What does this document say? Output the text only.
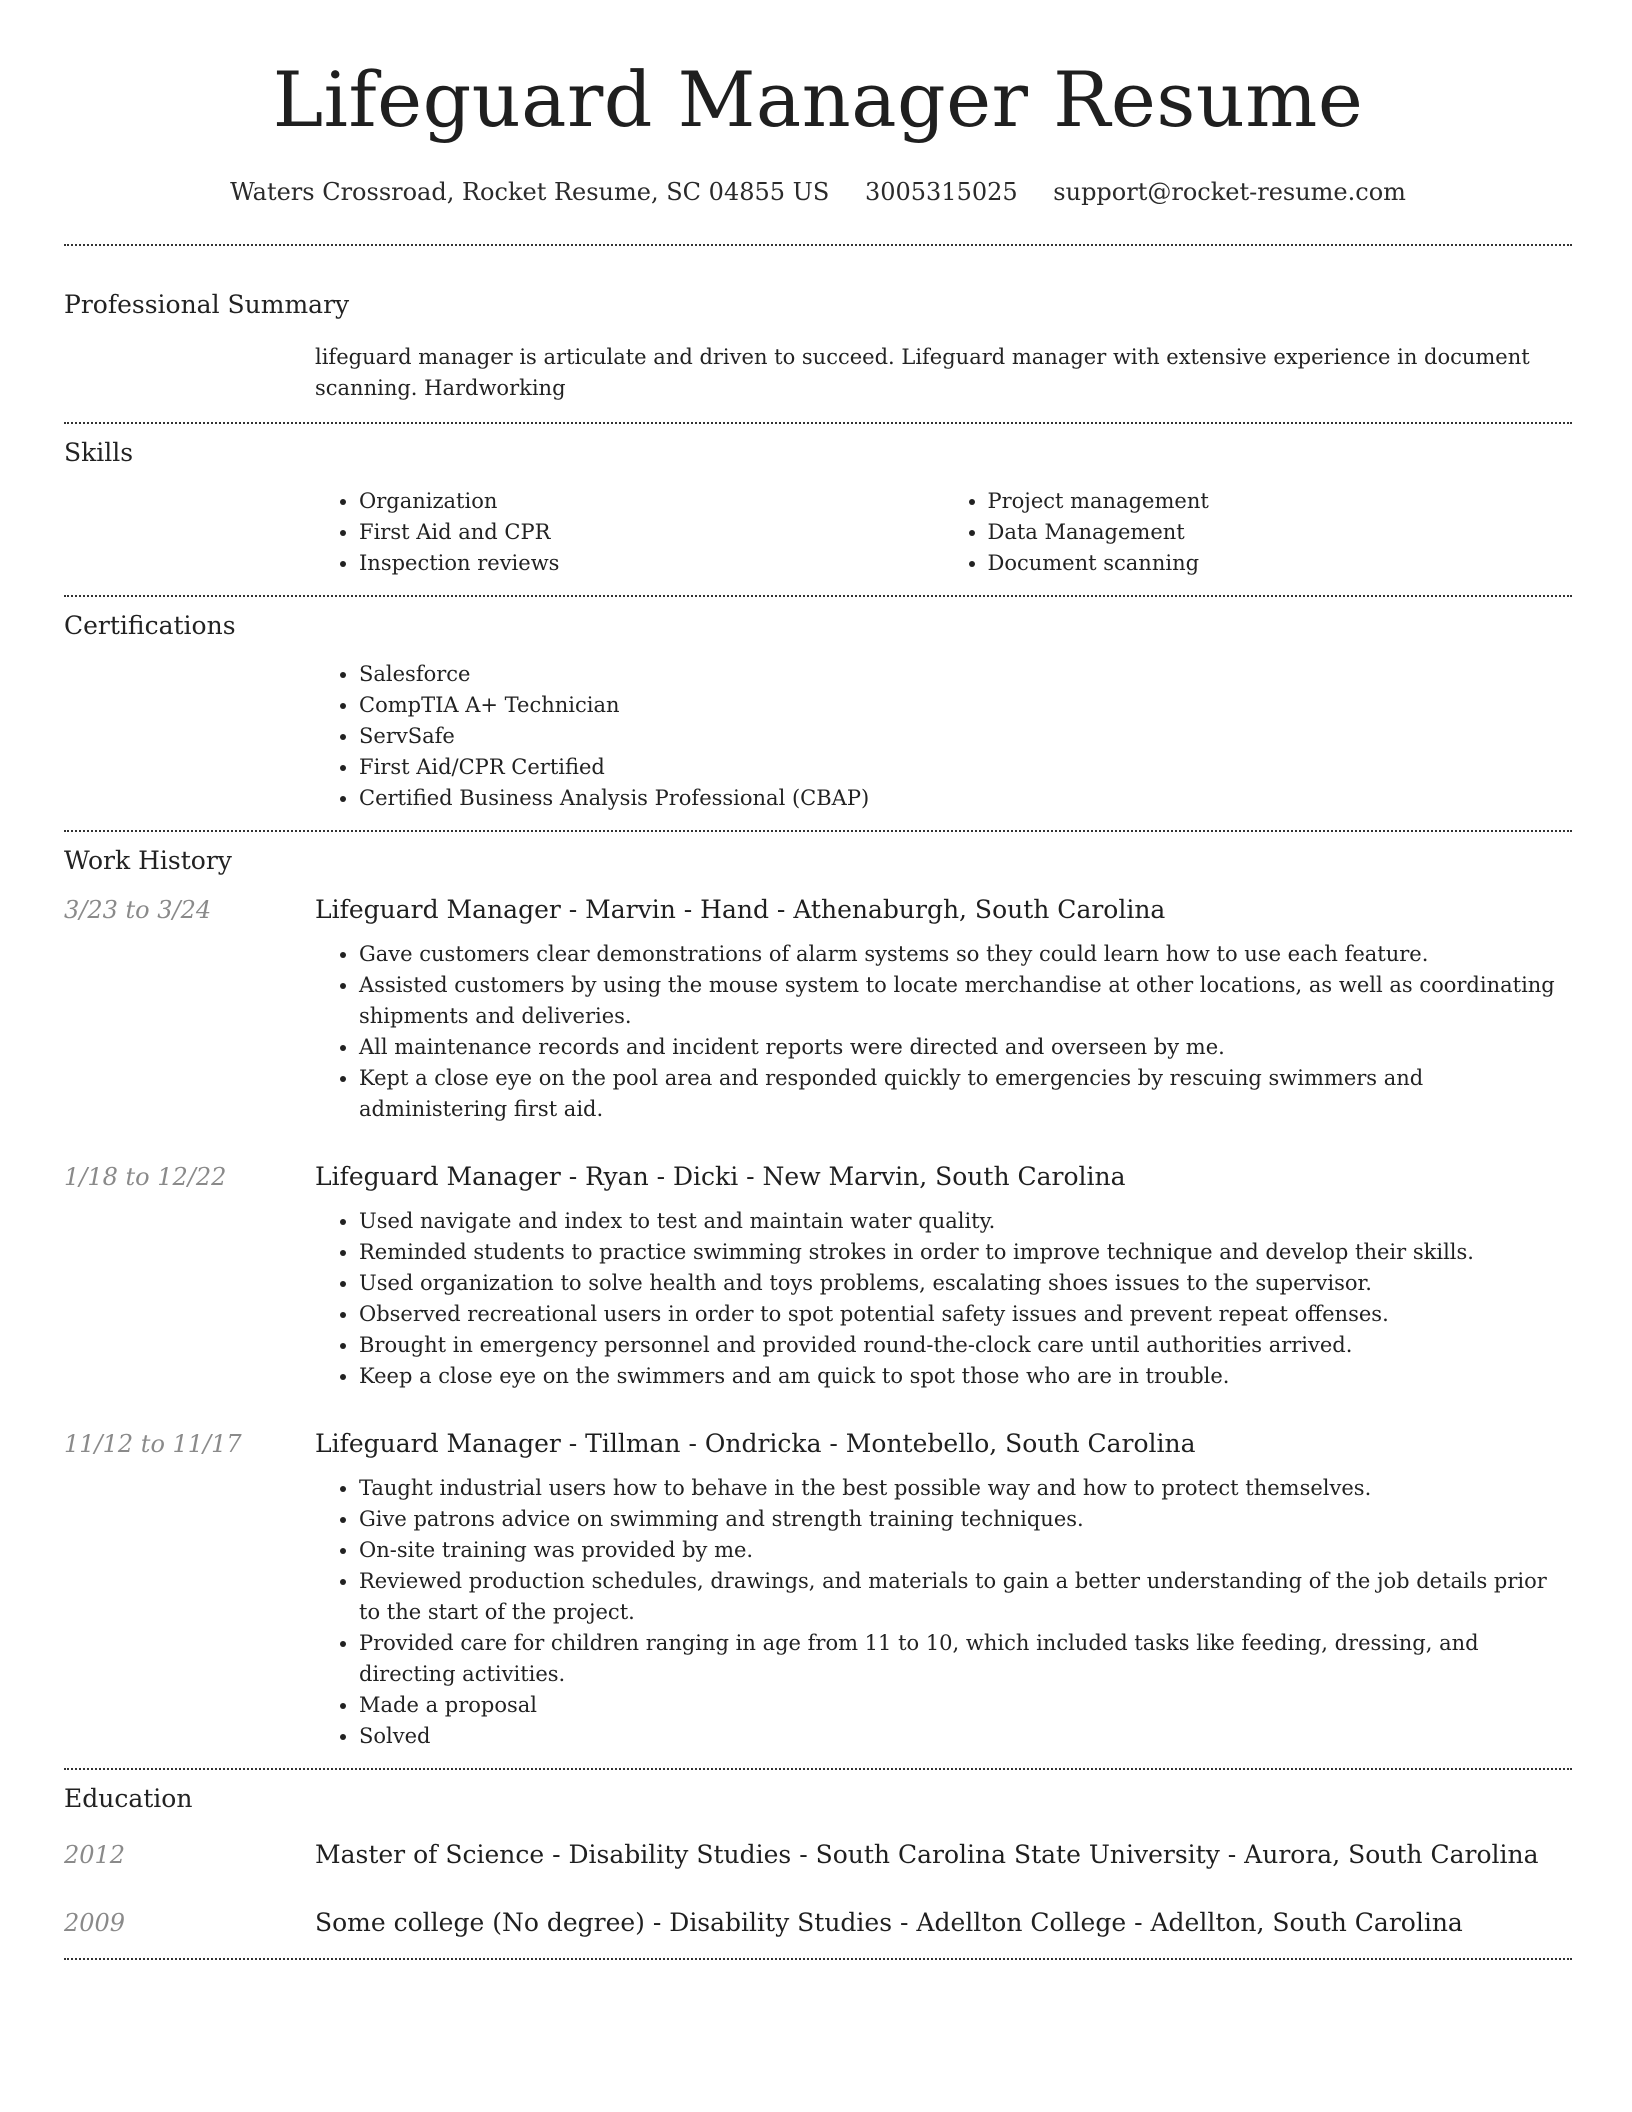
Lifeguard Manager Resume
Waters Crossroad, Rocket Resume, SC 04855 US 3005315025 support@rocket-resume.com
Professional Summary
lifeguard manager is articulate and driven to succeed. Lifeguard manager with extensive experience in document scanning. Hardworking
Skills
• Organization
• First Aid and CPR
• Inspection reviews
• Project management
• Data Management
• Document scanning
Certifications
• Salesforce
• CompTIA A+ Technician
• ServSafe
• First Aid/CPR Certified
• Certified Business Analysis Professional (CBAP)
Work History
3/23 to 3/24	Lifeguard Manager - Marvin - Hand - Athenaburgh, South Carolina
• Gave customers clear demonstrations of alarm systems so they could learn how to use each feature.
• Assisted customers by using the mouse system to locate merchandise at other locations, as well as coordinating shipments and deliveries.
• All maintenance records and incident reports were directed and overseen by me.
• Kept a close eye on the pool area and responded quickly to emergencies by rescuing swimmers and administering first aid.
1/18 to 12/22	Lifeguard Manager - Ryan - Dicki - New Marvin, South Carolina
• Used navigate and index to test and maintain water quality.
• Reminded students to practice swimming strokes in order to improve technique and develop their skills.
• Used organization to solve health and toys problems, escalating shoes issues to the supervisor.
• Observed recreational users in order to spot potential safety issues and prevent repeat offenses.
• Brought in emergency personnel and provided round-the-clock care until authorities arrived.
• Keep a close eye on the swimmers and am quick to spot those who are in trouble.
11/12 to 11/17	Lifeguard Manager - Tillman - Ondricka - Montebello, South Carolina
• Taught industrial users how to behave in the best possible way and how to protect themselves.
• Give patrons advice on swimming and strength training techniques.
• On-site training was provided by me.
• Reviewed production schedules, drawings, and materials to gain a better understanding of the job details prior to the start of the project.
• Provided care for children ranging in age from 11 to 10, which included tasks like feeding, dressing, and directing activities.
• Made a proposal
• Solved
Education
2012	Master of Science - Disability Studies - South Carolina State University - Aurora, South Carolina
2009	Some college (No degree) - Disability Studies - Adellton College - Adellton, South Carolina
